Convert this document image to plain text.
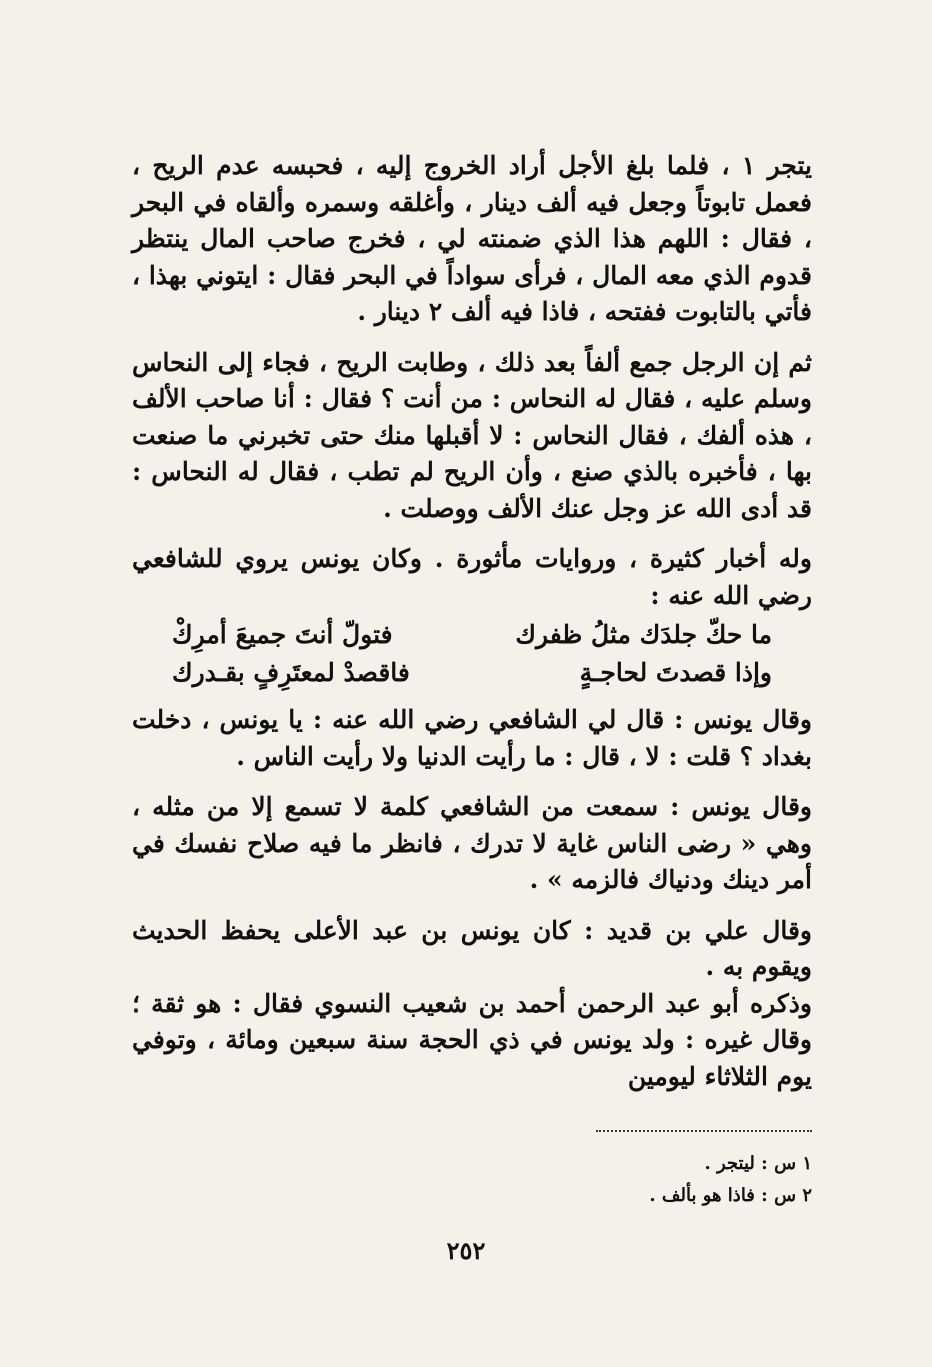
يتجر ١ ، فلما بلغ الأجل أراد الخروج إليه ، فحبسه عدم الريح ، فعمل تابوتاً وجعل فيه ألف دينار ، وأغلقه وسمره وألقاه في البحر ، فقال : اللهم هذا الذي ضمنته لي ، فخرج صاحب المال ينتظر قدوم الذي معه المال ، فرأى سواداً في البحر فقال : ايتوني بهذا ، فأتي بالتابوت ففتحه ، فاذا فيه ألف ٢ دينار .

ثم إن الرجل جمع ألفاً بعد ذلك ، وطابت الريح ، فجاء إلى النحاس وسلم عليه ، فقال له النحاس : من أنت ؟ فقال : أنا صاحب الألف ، هذه ألفك ، فقال النحاس : لا أقبلها منك حتى تخبرني ما صنعت بها ، فأخبره بالذي صنع ، وأن الريح لم تطب ، فقال له النحاس : قد أدى الله عز وجل عنك الألف ووصلت .

وله أخبار كثيرة ، وروايات مأثورة . وكان يونس يروي للشافعي رضي الله عنه :

ما حكّ جلدَك مثلُ ظفرك
فتولّ أنتَ جميعَ أمرِكْ
وإذا قصدتَ لحاجـةٍ
فاقصدْ لمعتَرِفٍ بقـدرك

وقال يونس : قال لي الشافعي رضي الله عنه : يا يونس ، دخلت بغداد ؟ قلت : لا ، قال : ما رأيت الدنيا ولا رأيت الناس .

وقال يونس : سمعت من الشافعي كلمة لا تسمع إلا من مثله ، وهي « رضى الناس غاية لا تدرك ، فانظر ما فيه صلاح نفسك في أمر دينك ودنياك فالزمه » .

وقال علي بن قديد : كان يونس بن عبد الأعلى يحفظ الحديث ويقوم به .

وذكره أبو عبد الرحمن أحمد بن شعيب النسوي فقال : هو ثقة ؛ وقال غيره : ولد يونس في ذي الحجة سنة سبعين ومائة ، وتوفي يوم الثلاثاء ليومين

١ س : ليتجر .
٢ س : فاذا هو بألف .
٢٥٢
